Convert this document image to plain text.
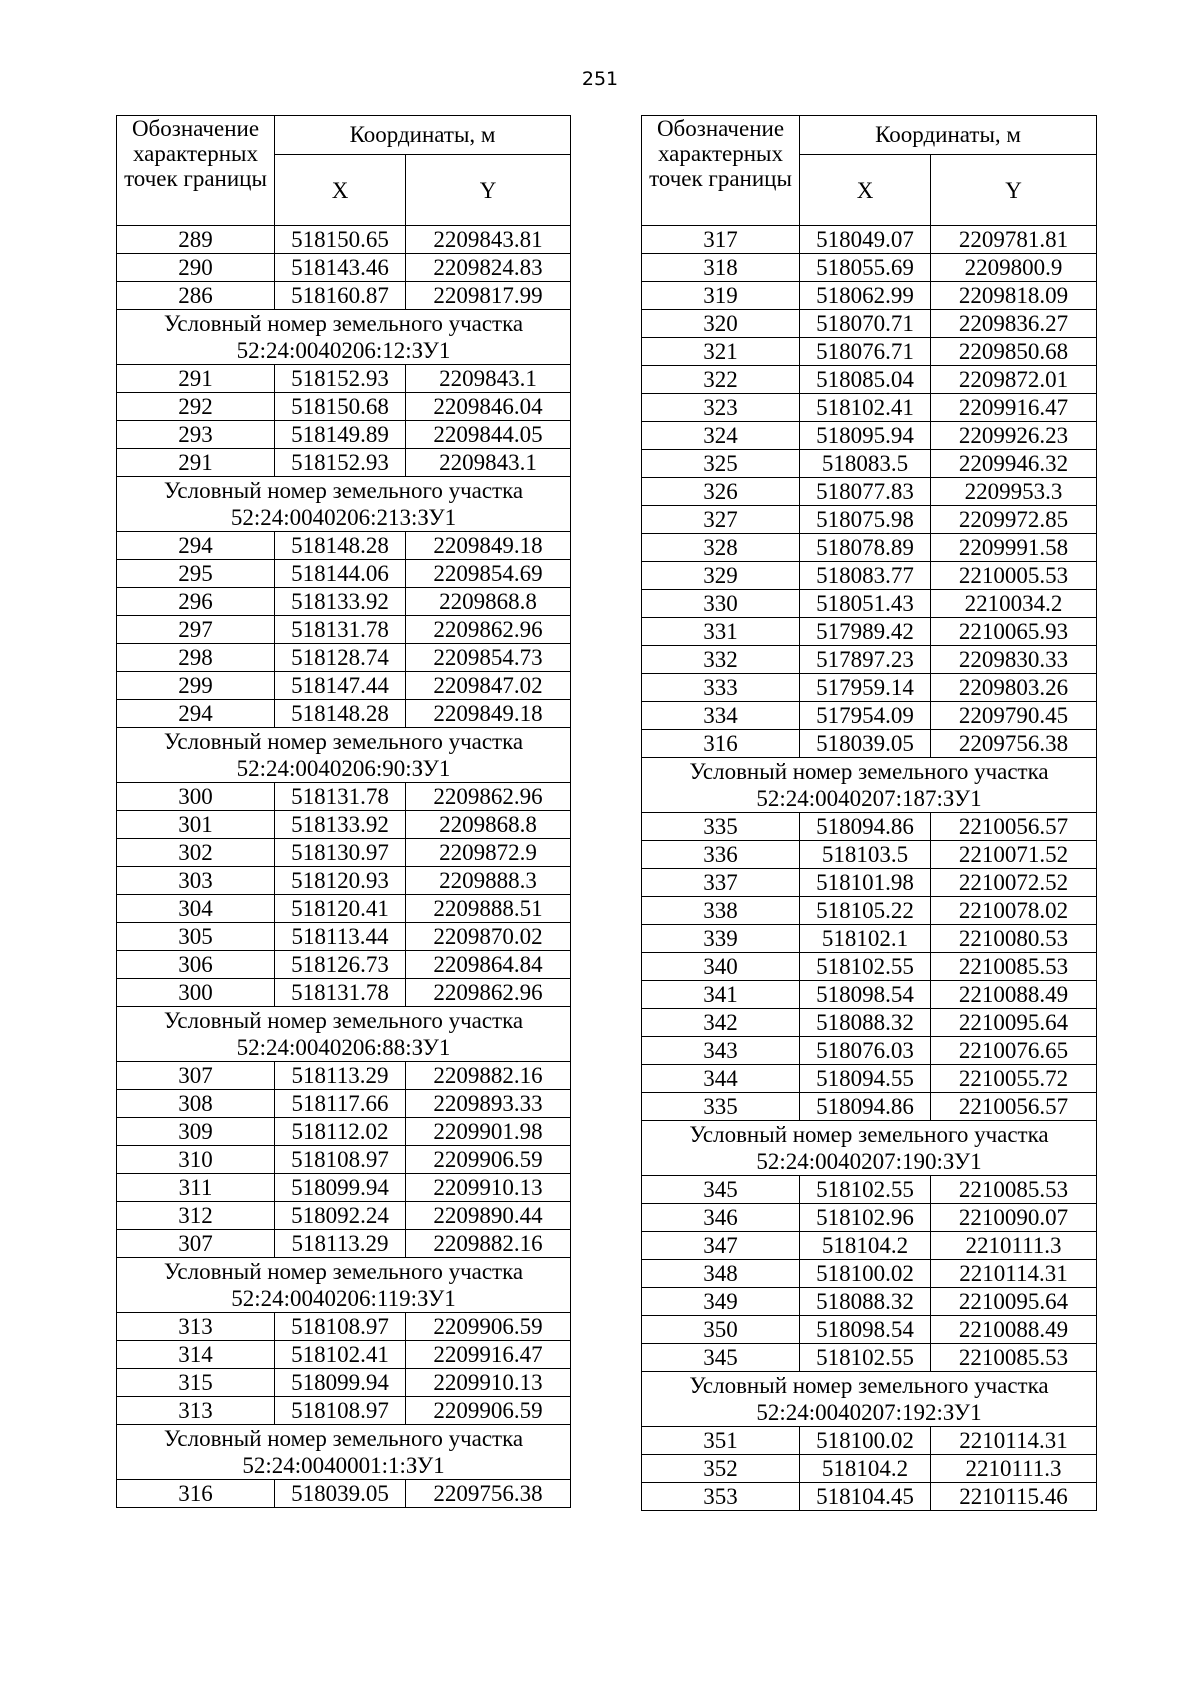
251
Обозначение характерных точек границы	Координаты, м	
	X	Y
289	518150.65	2209843.81
290	518143.46	2209824.83
286	518160.87	2209817.99

Условный номер земельного участка
52:24:0040206:12:ЗУ1		

291	518152.93	2209843.1
292	518150.68	2209846.04
293	518149.89	2209844.05
291	518152.93	2209843.1

Условный номер земельного участка
52:24:0040206:213:ЗУ1		

294	518148.28	2209849.18
295	518144.06	2209854.69
296	518133.92	2209868.8
297	518131.78	2209862.96
298	518128.74	2209854.73
299	518147.44	2209847.02
294	518148.28	2209849.18

Условный номер земельного участка
52:24:0040206:90:ЗУ1		

300	518131.78	2209862.96
301	518133.92	2209868.8
302	518130.97	2209872.9
303	518120.93	2209888.3
304	518120.41	2209888.51
305	518113.44	2209870.02
306	518126.73	2209864.84
300	518131.78	2209862.96

Условный номер земельного участка
52:24:0040206:88:ЗУ1		

307	518113.29	2209882.16
308	518117.66	2209893.33
309	518112.02	2209901.98
310	518108.97	2209906.59
311	518099.94	2209910.13
312	518092.24	2209890.44
307	518113.29	2209882.16

Условный номер земельного участка
52:24:0040206:119:ЗУ1		

313	518108.97	2209906.59
314	518102.41	2209916.47
315	518099.94	2209910.13
313	518108.97	2209906.59

Условный номер земельного участка
52:24:0040001:1:ЗУ1		

316	518039.05	2209756.38
Обозначение характерных точек границы	Координаты, м	
	X	Y
317	518049.07	2209781.81
318	518055.69	2209800.9
319	518062.99	2209818.09
320	518070.71	2209836.27
321	518076.71	2209850.68
322	518085.04	2209872.01
323	518102.41	2209916.47
324	518095.94	2209926.23
325	518083.5	2209946.32
326	518077.83	2209953.3
327	518075.98	2209972.85
328	518078.89	2209991.58
329	518083.77	2210005.53
330	518051.43	2210034.2
331	517989.42	2210065.93
332	517897.23	2209830.33
333	517959.14	2209803.26
334	517954.09	2209790.45
316	518039.05	2209756.38

Условный номер земельного участка
52:24:0040207:187:ЗУ1		

335	518094.86	2210056.57
336	518103.5	2210071.52
337	518101.98	2210072.52
338	518105.22	2210078.02
339	518102.1	2210080.53
340	518102.55	2210085.53
341	518098.54	2210088.49
342	518088.32	2210095.64
343	518076.03	2210076.65
344	518094.55	2210055.72
335	518094.86	2210056.57

Условный номер земельного участка
52:24:0040207:190:ЗУ1		

345	518102.55	2210085.53
346	518102.96	2210090.07
347	518104.2	2210111.3
348	518100.02	2210114.31
349	518088.32	2210095.64
350	518098.54	2210088.49
345	518102.55	2210085.53

Условный номер земельного участка
52:24:0040207:192:ЗУ1		

351	518100.02	2210114.31
352	518104.2	2210111.3
353	518104.45	2210115.46
